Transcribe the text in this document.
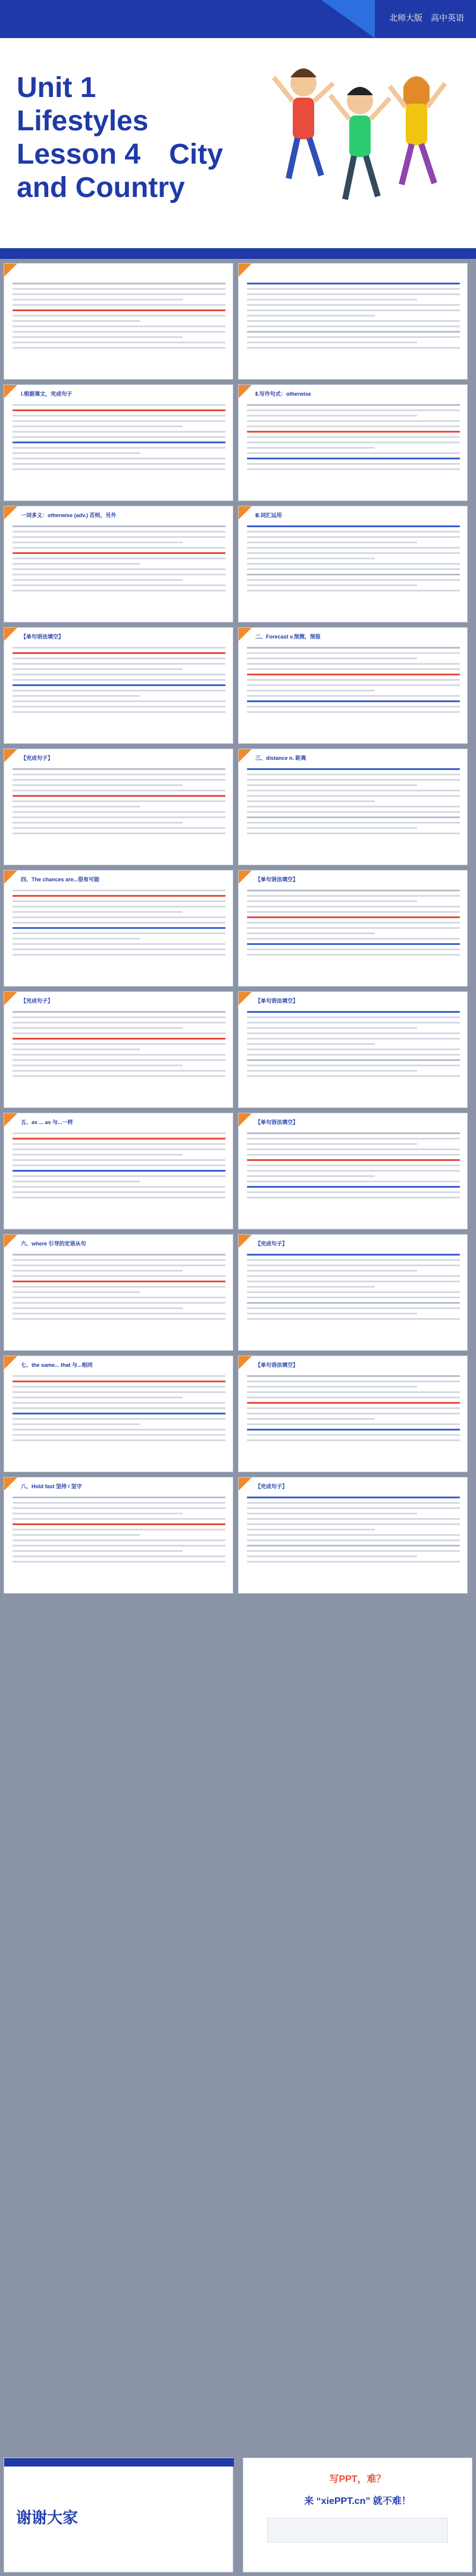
北师大版　高中英语
Unit 1
Lifestyles
Lesson 4　City
and Country
Ⅰ.根据课文，完成句子	Ⅱ.写作句式：otherwise
一词多义：otherwise (adv.) 否则，另外	Ⅲ.词汇运用
【单句语法填空】	二、Forecast v.预测，预报
【完成句子】	三、distance n. 距离
四、The chances are...很有可能	【单句语法填空】
【完成句子】	【单句语法填空】
五、as ... as 与...一样	【单句语法填空】
六、where 引导的定语从句	【完成句子】
七、the same... that 与...相同	【单句语法填空】
八、Hold fast 坚持 / 坚守	【完成句子】
谢谢大家
写PPT，难？
来 “xiePPT.cn” 就不难！
